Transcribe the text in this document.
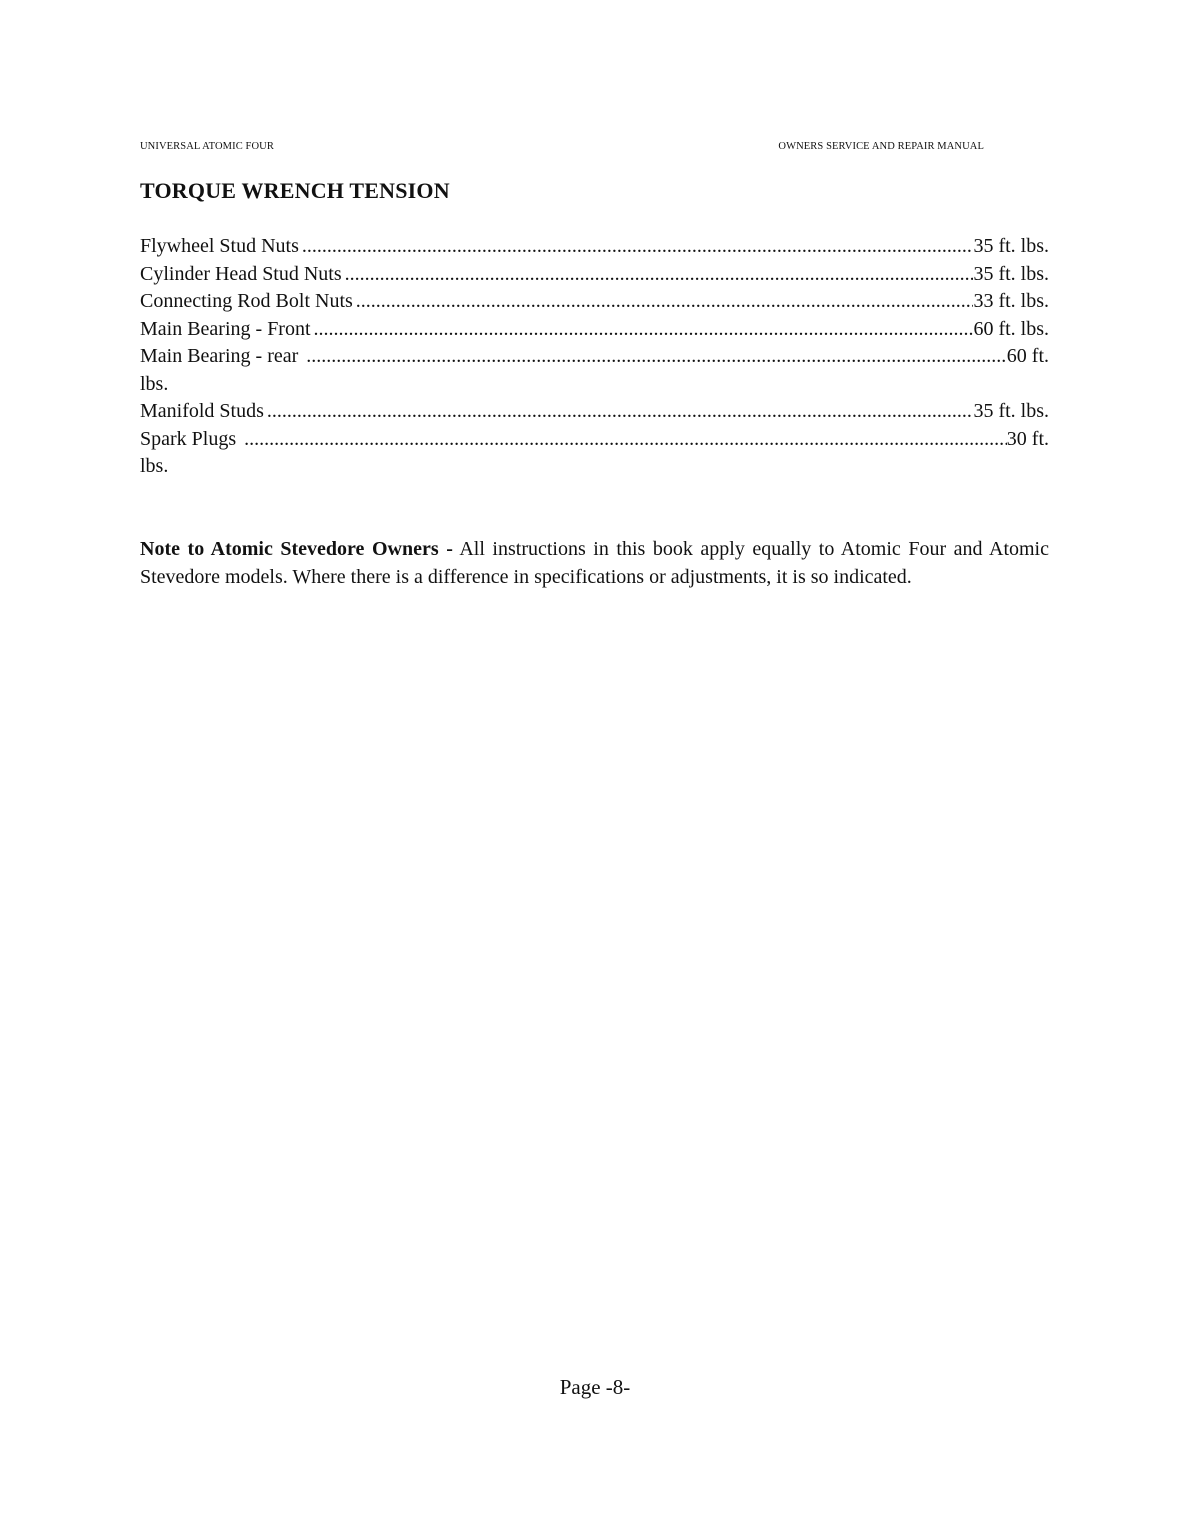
UNIVERSAL ATOMIC FOUR	OWNERS SERVICE AND REPAIR MANUAL
TORQUE WRENCH TENSION
Flywheel Stud Nuts .....	35 ft. lbs.
Cylinder Head Stud Nuts .....	35 ft. lbs.
Connecting Rod Bolt Nuts .....	33 ft. lbs.
Main Bearing - Front .....	60 ft. lbs.
Main Bearing - rear .....	60 ft.
lbs.
Manifold Studs .....	35 ft. lbs.
Spark Plugs .....	30 ft.
lbs.

Note to Atomic Stevedore Owners - All instructions in this book apply equally to Atomic Four and Atomic Stevedore models. Where there is a difference in specifications or adjustments, it is so indicated.

Page -8-
